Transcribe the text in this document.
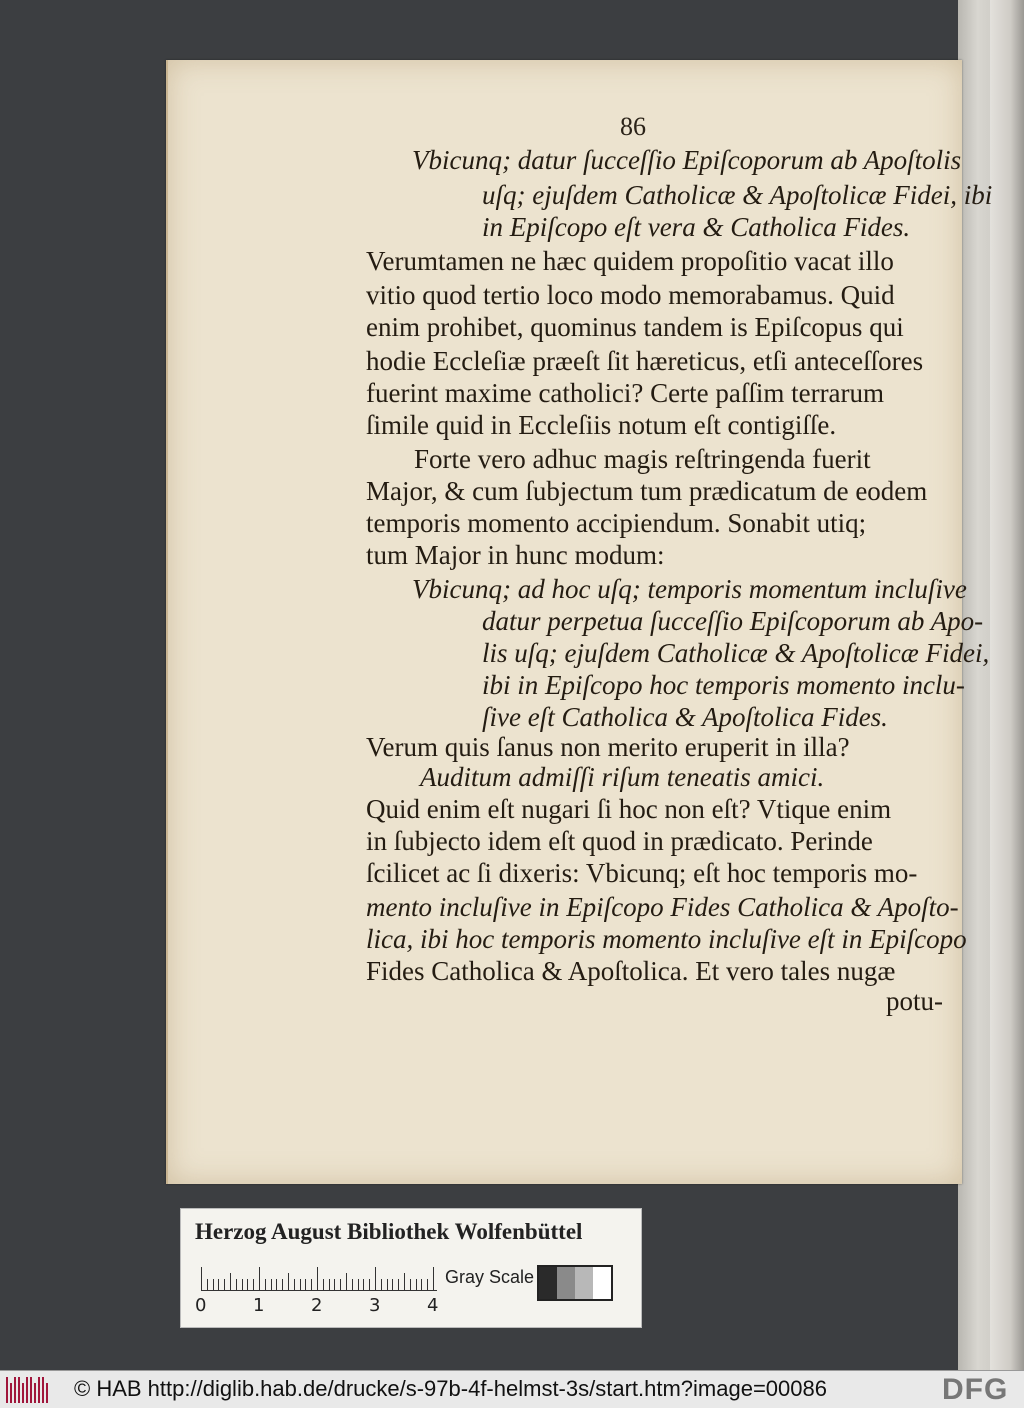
86
Vbicunq; datur ſucceſſio Epiſcoporum ab Apoſtolis
uſq; ejuſdem Catholicæ & Apoſtolicæ Fidei, ibi
in Epiſcopo eſt vera & Catholica Fides.
Verumtamen ne hæc quidem propoſitio vacat illo
vitio quod tertio loco modo memorabamus. Quid
enim prohibet, quominus tandem is Epiſcopus qui
hodie Eccleſiæ præeſt ſit hæreticus, etſi anteceſſores
fuerint maxime catholici? Certe paſſim terrarum
ſimile quid in Eccleſiis notum eſt contigiſſe.
Forte vero adhuc magis reſtringenda fuerit
Major, & cum ſubjectum tum prædicatum de eodem
temporis momento accipiendum. Sonabit utiq;
tum Major in hunc modum:
Vbicunq; ad hoc uſq; temporis momentum incluſive
datur perpetua ſucceſſio Epiſcoporum ab Apo-
lis uſq; ejuſdem Catholicæ & Apoſtolicæ Fidei,
ibi in Epiſcopo hoc temporis momento inclu-
ſive eſt Catholica & Apoſtolica Fides.
Verum quis ſanus non merito eruperit in illa?
Auditum admiſſi riſum teneatis amici.
Quid enim eſt nugari ſi hoc non eſt? Vtique enim
in ſubjecto idem eſt quod in prædicato. Perinde
ſcilicet ac ſi dixeris: Vbicunq; eſt hoc temporis mo-
mento incluſive in Epiſcopo Fides Catholica & Apoſto-
lica, ibi hoc temporis momento incluſive eſt in Epiſcopo
Fides Catholica & Apoſtolica. Et vero tales nugæ
potu-
Herzog August Bibliothek Wolfenbüttel
0	1	2	3	4
Gray Scale
© HAB http://diglib.hab.de/drucke/s-97b-4f-helmst-3s/start.htm?image=00086	DFG
